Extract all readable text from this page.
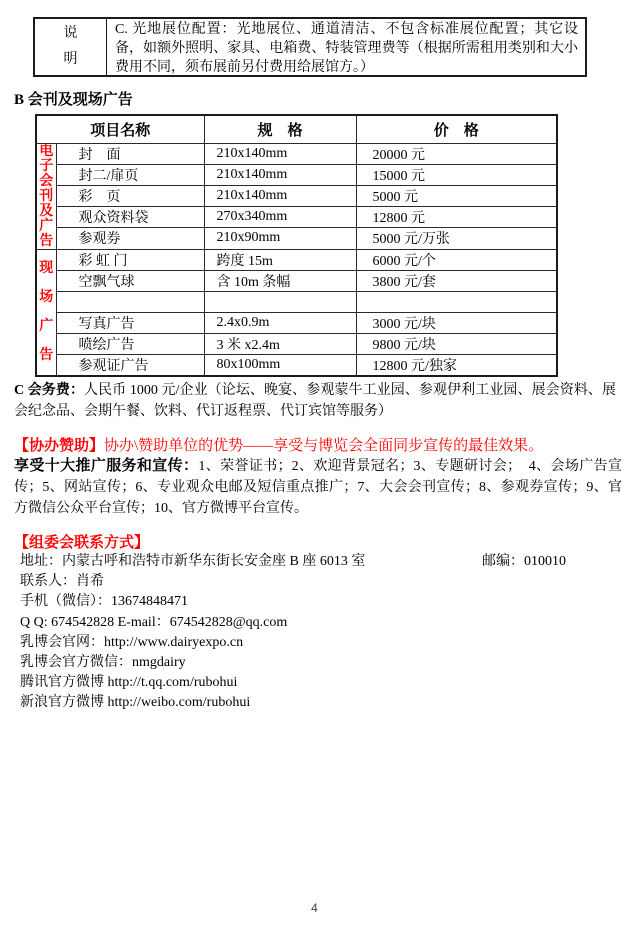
说明
C. 光地展位配置：光地展位、通道清洁、不包含标准展位配置；其它设备，如额外照明、家具、电箱费、特装管理费等（根据所需租用类别和大小费用不同，须布展前另付费用给展馆方。）
B 会刊及现场广告
项目名称		规　格	价　格

电子会刊及广告	封　面	210x140mm	20000 元
	封二/扉页	210x140mm	15000 元
	彩　页	210x140mm	5000 元
	观众资料袋	270x340mm	12800 元
	参观券	210x90mm	5000 元/万张

现场广告	彩 虹 门	跨度 15m	6000 元/个
	空飘气球	含 10m 条幅	3800 元/套

	写真广告	2.4x0.9m	3000 元/块
	喷绘广告	3 米 x2.4m	9800 元/块
	参观证广告	80x100mm	12800 元/独家
C 会务费：人民币 1000 元/企业（论坛、晚宴、参观蒙牛工业园、参观伊利工业园、展会资料、展会纪念品、会期午餐、饮料、代订返程票、代订宾馆等服务）
【协办赞助】协办\赞助单位的优势——享受与博览会全面同步宣传的最佳效果。
享受十大推广服务和宣传：1、荣誉证书；2、欢迎背景冠名；3、专题研讨会；　4、会场广告宣传；5、网站宣传；6、专业观众电邮及短信重点推广；7、大会会刊宣传；8、参观券宣传；9、官方微信公众平台宣传；10、官方微博平台宣传。
【组委会联系方式】
地址：内蒙古呼和浩特市新华东街长安金座 B 座 6013 室	邮编：010010
联系人：肖希
手机（微信）：13674848471
Q Q: 674542828 E-mail：674542828@qq.com
乳博会官网：http://www.dairyexpo.cn
乳博会官方微信：nmgdairy
腾讯官方微博 http://t.qq.com/rubohui
新浪官方微博 http://weibo.com/rubohui
4
